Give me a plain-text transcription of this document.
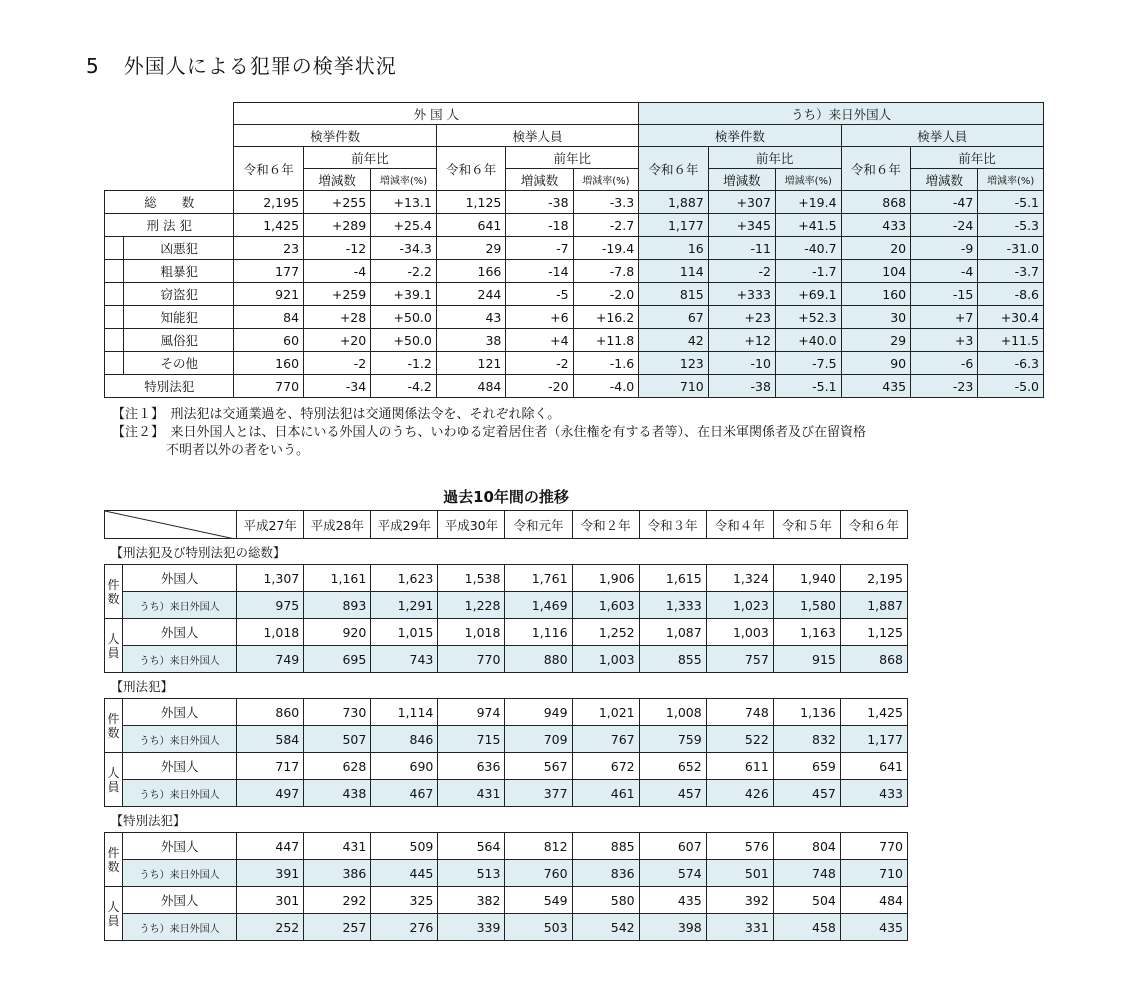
5 外国人による犯罪の検挙状況
	外 国 人						うち）来日外国人					
	検挙件数			検挙人員			検挙件数			検挙人員		
	令和６年	前年比		令和６年	前年比		令和６年	前年比		令和６年	前年比	
		増減数	増減率(%)		増減数	増減率(%)		増減数	増減率(%)		増減数	増減率(%)
総　　数	2,195	+255	+13.1	1,125	-38	-3.3	1,887	+307	+19.4	868	-47	-5.1
刑 法 犯	1,425	+289	+25.4	641	-18	-2.7	1,177	+345	+41.5	433	-24	-5.3
凶悪犯	23	-12	-34.3	29	-7	-19.4	16	-11	-40.7	20	-9	-31.0
粗暴犯	177	-4	-2.2	166	-14	-7.8	114	-2	-1.7	104	-4	-3.7
窃盗犯	921	+259	+39.1	244	-5	-2.0	815	+333	+69.1	160	-15	-8.6
知能犯	84	+28	+50.0	43	+6	+16.2	67	+23	+52.3	30	+7	+30.4
風俗犯	60	+20	+50.0	38	+4	+11.8	42	+12	+40.0	29	+3	+11.5
その他	160	-2	-1.2	121	-2	-1.6	123	-10	-7.5	90	-6	-6.3
特別法犯	770	-34	-4.2	484	-20	-4.0	710	-38	-5.1	435	-23	-5.0
【注１】　 刑法犯は交通業過を、特別法犯は交通関係法令を、それぞれ除く。
【注２】　 来日外国人とは、日本にいる外国人のうち、いわゆる定着居住者（永住権を有する者等）、在日米軍関係者及び在留資格
不明者以外の者をいう。
過去10年間の推移
	平成27年	平成28年	平成29年	平成30年	令和元年	令和２年	令和３年	令和４年	令和５年	令和６年
【刑法犯及び特別法犯の総数】											

件
数	外国人	1,307	1,161	1,623	1,538	1,761	1,906	1,615	1,324	1,940	2,195
	うち）来日外国人	975	893	1,291	1,228	1,469	1,603	1,333	1,023	1,580	1,887

人
員	外国人	1,018	920	1,015	1,018	1,116	1,252	1,087	1,003	1,163	1,125
	うち）来日外国人	749	695	743	770	880	1,003	855	757	915	868
【刑法犯】											

件
数	外国人	860	730	1,114	974	949	1,021	1,008	748	1,136	1,425
	うち）来日外国人	584	507	846	715	709	767	759	522	832	1,177

人
員	外国人	717	628	690	636	567	672	652	611	659	641
	うち）来日外国人	497	438	467	431	377	461	457	426	457	433
【特別法犯】											

件
数	外国人	447	431	509	564	812	885	607	576	804	770
	うち）来日外国人	391	386	445	513	760	836	574	501	748	710

人
員	外国人	301	292	325	382	549	580	435	392	504	484
	うち）来日外国人	252	257	276	339	503	542	398	331	458	435
